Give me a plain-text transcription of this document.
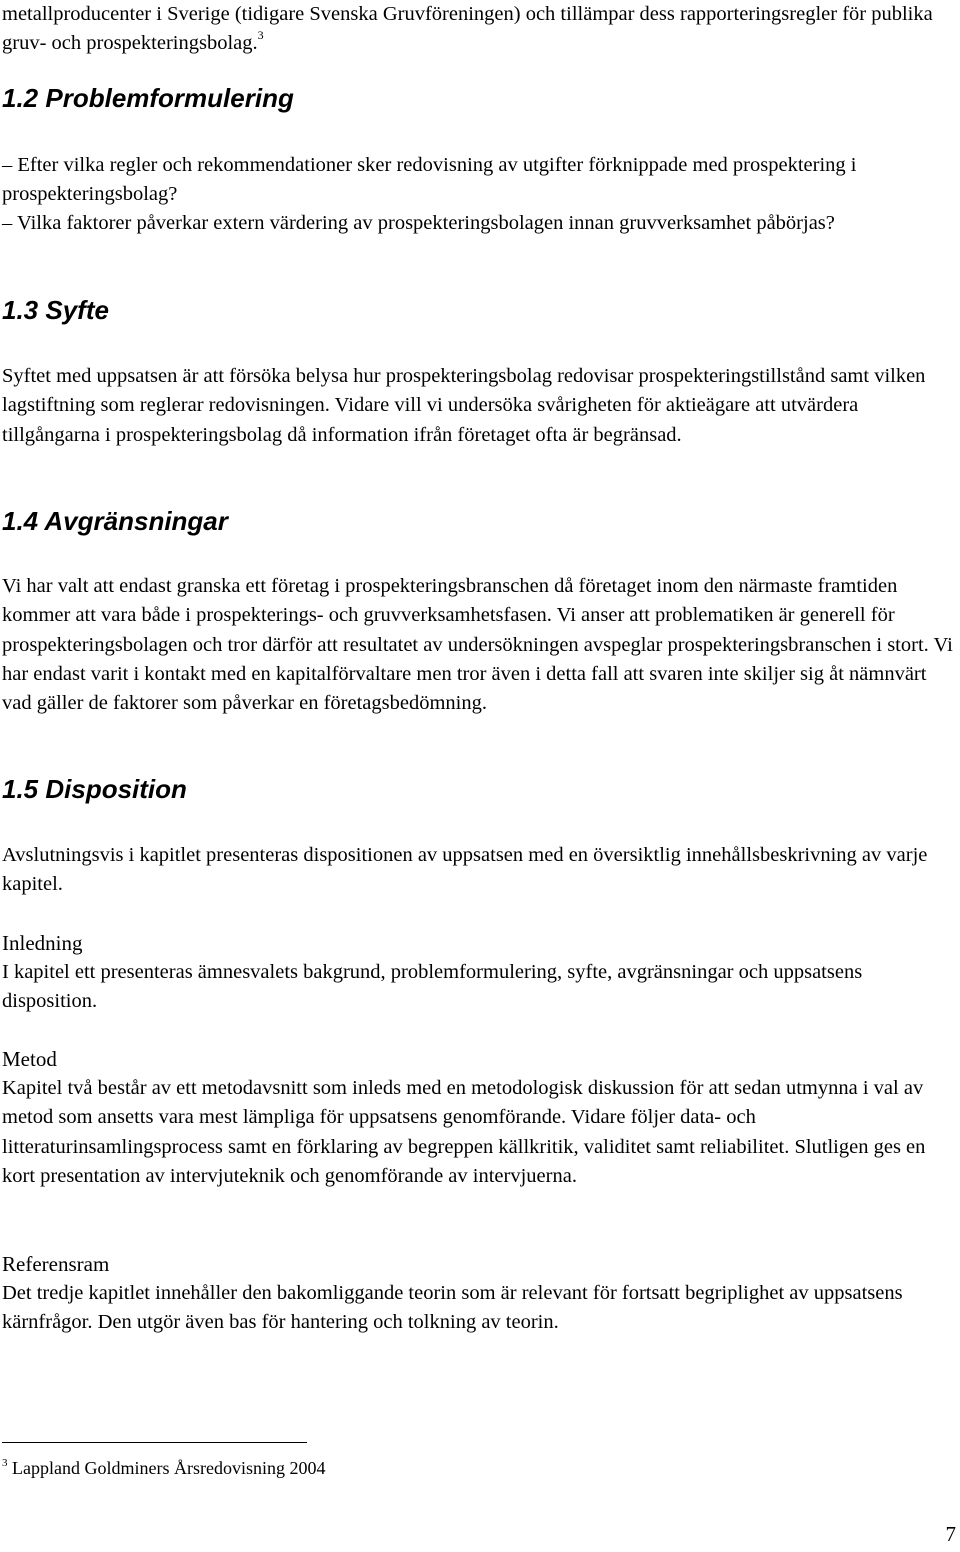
metallproducenter i Sverige (tidigare Svenska Gruvföreningen) och tillämpar dess rapporteringsregler för publika gruv- och prospekteringsbolag.$^3$

1.2 Problemformulering

– Efter vilka regler och rekommendationer sker redovisning av utgifter förknippade med prospektering i prospekteringsbolag?

– Vilka faktorer påverkar extern värdering av prospekteringsbolagen innan gruvverksamhet påbörjas?

1.3 Syfte

Syftet med uppsatsen är att försöka belysa hur prospekteringsbolag redovisar prospekteringstillstånd samt vilken lagstiftning som reglerar redovisningen. Vidare vill vi undersöka svårigheten för aktieägare att utvärdera tillgångarna i prospekteringsbolag då information ifrån företaget ofta är begränsad.

1.4 Avgränsningar

Vi har valt att endast granska ett företag i prospekteringsbranschen då företaget inom den närmaste framtiden kommer att vara både i prospekterings- och gruvverksamhetsfasen. Vi anser att problematiken är generell för prospekteringsbolagen och tror därför att resultatet av undersökningen avspeglar prospekteringsbranschen i stort. Vi har endast varit i kontakt med en kapitalförvaltare men tror även i detta fall att svaren inte skiljer sig åt nämnvärt vad gäller de faktorer som påverkar en företagsbedömning.

1.5 Disposition

Avslutningsvis i kapitlet presenteras dispositionen av uppsatsen med en översiktlig innehållsbeskrivning av varje kapitel.

Inledning

I kapitel ett presenteras ämnesvalets bakgrund, problemformulering, syfte, avgränsningar och uppsatsens disposition.

Metod

Kapitel två består av ett metodavsnitt som inleds med en metodologisk diskussion för att sedan utmynna i val av metod som ansetts vara mest lämpliga för uppsatsens genomförande. Vidare följer data- och litteraturinsamlingsprocess samt en förklaring av begreppen källkritik, validitet samt reliabilitet. Slutligen ges en kort presentation av intervjuteknik och genomförande av intervjuerna.

Referensram

Det tredje kapitlet innehåller den bakomliggande teorin som är relevant för fortsatt begriplighet av uppsatsens kärnfrågor. Den utgör även bas för hantering och tolkning av teorin.

$^3$ Lappland Goldminers Årsredovisning 2004

7
